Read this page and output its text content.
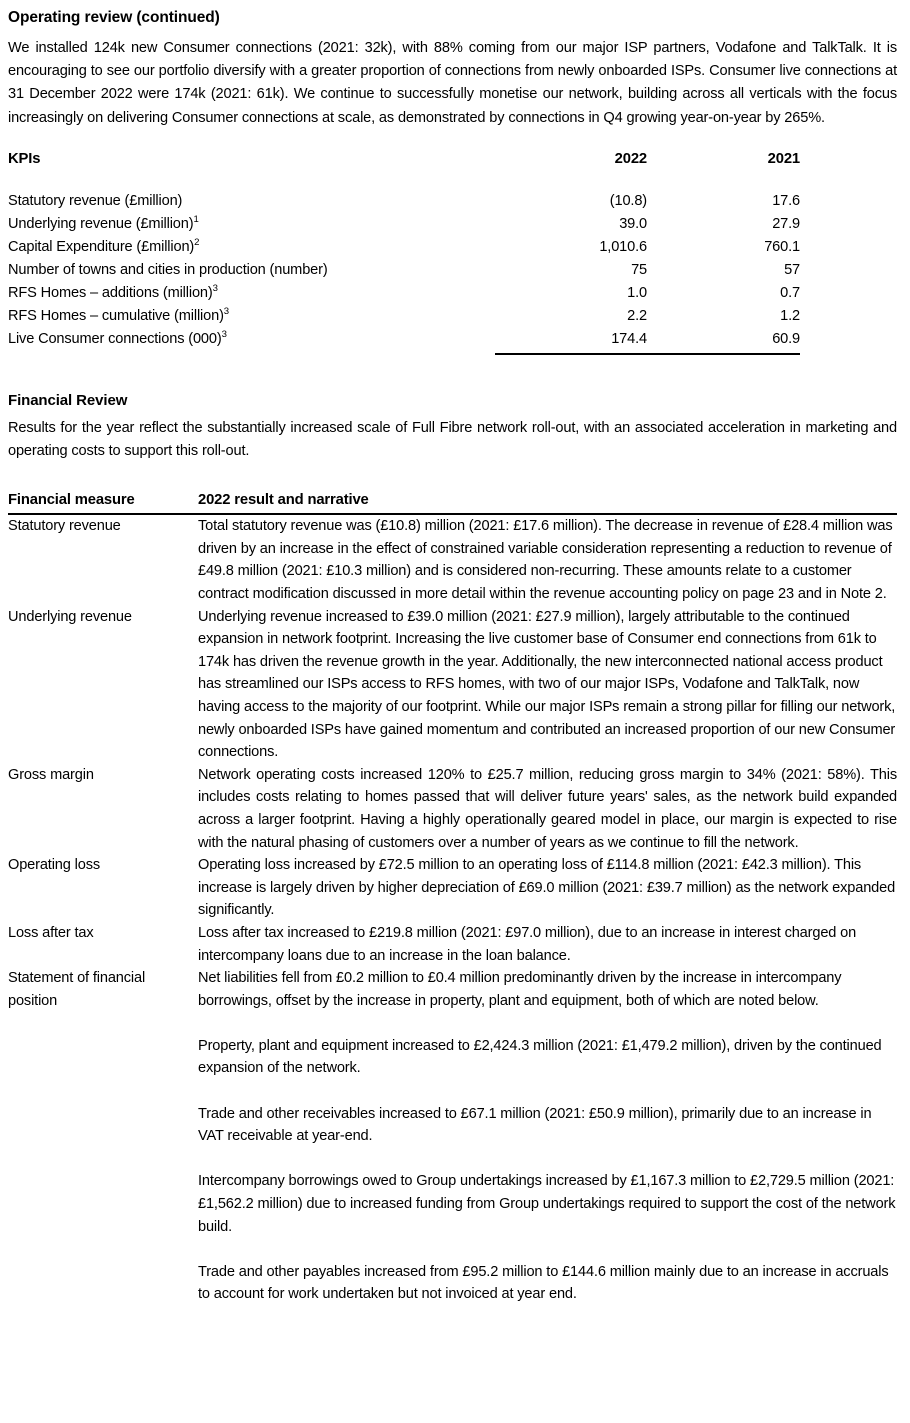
Operating review (continued)

We installed 124k new Consumer connections (2021: 32k), with 88% coming from our major ISP partners, Vodafone and TalkTalk. It is encouraging to see our portfolio diversify with a greater proportion of connections from newly onboarded ISPs. Consumer live connections at 31 December 2022 were 174k (2021: 61k). We continue to successfully monetise our network, building across all verticals with the focus increasingly on delivering Consumer connections at scale, as demonstrated by connections in Q4 growing year-on-year by 265%.

KPIs	2022	2021

Statutory revenue (£million)	(10.8)	17.6
Underlying revenue (£million)$^1$	39.0	27.9
Capital Expenditure (£million)$^2$	1,010.6	760.1
Number of towns and cities in production (number)	75	57
RFS Homes – additions (million)$^3$	1.0	0.7
RFS Homes – cumulative (million)$^3$	2.2	1.2
Live Consumer connections $(000)^3$	174.4	60.9
Financial Review

Results for the year reflect the substantially increased scale of Full Fibre network roll-out, with an associated acceleration in marketing and operating costs to support this roll-out.

Financial measure	2022 result and narrative

Statutory revenue	Total statutory revenue was (£10.8) million (2021: £17.6 million). The decrease in revenue of £28.4 million was driven by an increase in the effect of constrained variable consideration representing a reduction to revenue of £49.8 million (2021: £10.3 million) and is considered non-recurring. These amounts relate to a customer contract modification discussed in more detail within the revenue accounting policy on page 23 and in Note 2.

Underlying revenue	Underlying revenue increased to £39.0 million (2021: £27.9 million), largely attributable to the continued expansion in network footprint. Increasing the live customer base of Consumer end connections from 61k to 174k has driven the revenue growth in the year. Additionally, the new interconnected national access product has streamlined our ISPs access to RFS homes, with two of our major ISPs, Vodafone and TalkTalk, now having access to the majority of our footprint. While our major ISPs remain a strong pillar for filling our network, newly onboarded ISPs have gained momentum and contributed an increased proportion of our new Consumer connections.

Gross margin	Network operating costs increased 120% to £25.7 million, reducing gross margin to 34% (2021: 58%). This includes costs relating to homes passed that will deliver future years' sales, as the network build expanded across a larger footprint. Having a highly operationally geared model in place, our margin is expected to rise with the natural phasing of customers over a number of years as we continue to fill the network.

Operating loss	Operating loss increased by £72.5 million to an operating loss of £114.8 million (2021: £42.3 million). This increase is largely driven by higher depreciation of £69.0 million (2021: £39.7 million) as the network expanded significantly.

Loss after tax	Loss after tax increased to £219.8 million (2021: £97.0 million), due to an increase in interest charged on intercompany loans due to an increase in the loan balance.

Statement of financial position	Net liabilities fell from £0.2 million to £0.4 million predominantly driven by the increase in intercompany borrowings, offset by the increase in property, plant and equipment, both of which are noted below.

Property, plant and equipment increased to £2,424.3 million (2021: £1,479.2 million), driven by the continued expansion of the network.

Trade and other receivables increased to £67.1 million (2021: £50.9 million), primarily due to an increase in VAT receivable at year-end.

Intercompany borrowings owed to Group undertakings increased by £1,167.3 million to £2,729.5 million (2021: £1,562.2 million) due to increased funding from Group undertakings required to support the cost of the network build.

Trade and other payables increased from £95.2 million to £144.6 million mainly due to an increase in accruals to account for work undertaken but not invoiced at year end.
